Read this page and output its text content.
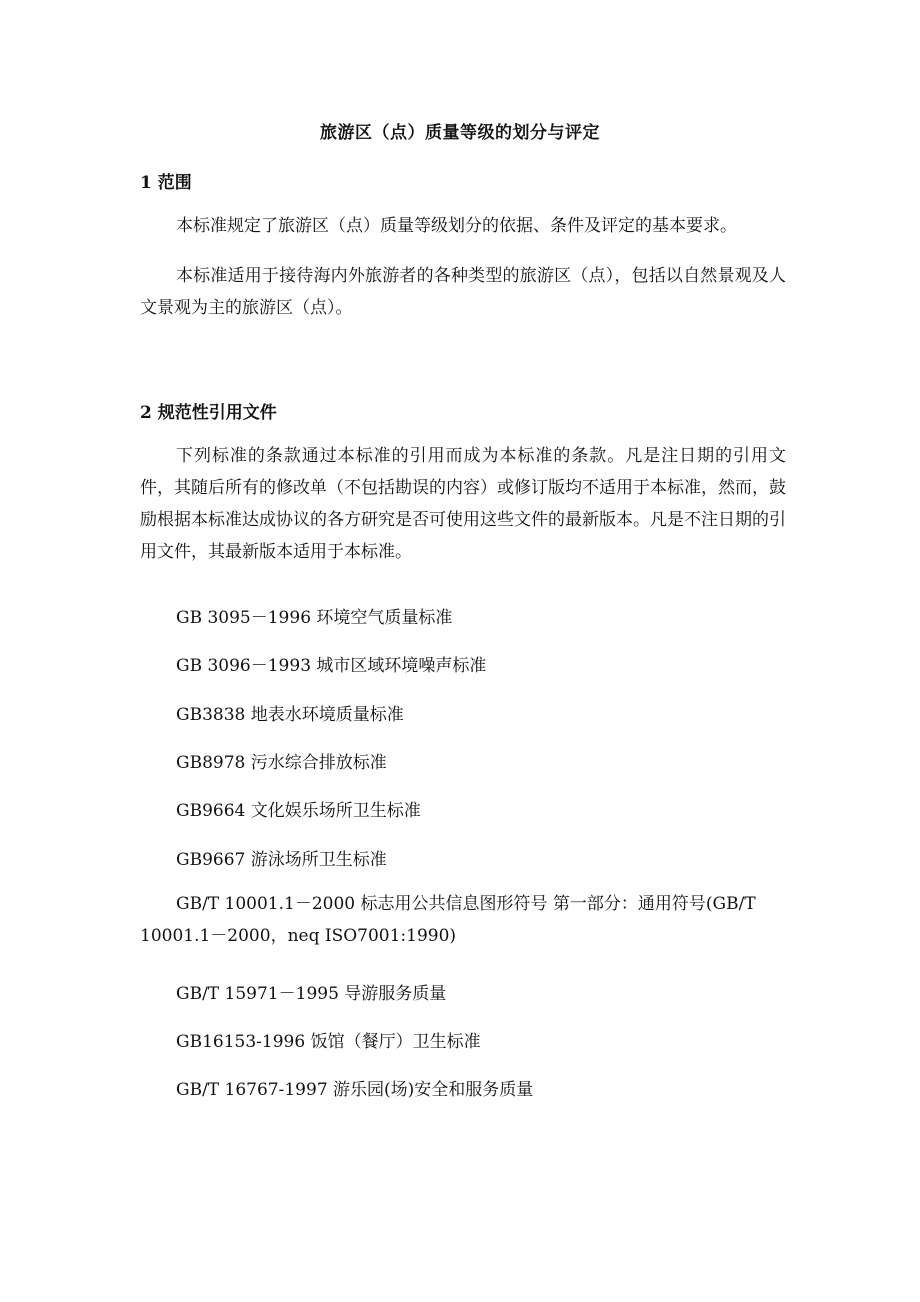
旅游区（点）质量等级的划分与评定
1 范围
本标准规定了旅游区（点）质量等级划分的依据、条件及评定的基本要求。
本标准适用于接待海内外旅游者的各种类型的旅游区（点），包括以自然景观及人文景观为主的旅游区（点）。
2 规范性引用文件
下列标准的条款通过本标准的引用而成为本标准的条款。凡是注日期的引用文件，其随后所有的修改单（不包括勘误的内容）或修订版均不适用于本标准，然而，鼓励根据本标准达成协议的各方研究是否可使用这些文件的最新版本。凡是不注日期的引用文件，其最新版本适用于本标准。
GB 3095－1996 环境空气质量标准
GB 3096－1993 城市区域环境噪声标准
GB3838 地表水环境质量标准
GB8978 污水综合排放标准
GB9664 文化娱乐场所卫生标准
GB9667 游泳场所卫生标准
GB/T 10001.1－2000 标志用公共信息图形符号 第一部分：通用符号(GB/T 10001.1－2000，neq ISO7001:1990)
GB/T 15971－1995 导游服务质量
GB16153-1996 饭馆（餐厅）卫生标准
GB/T 16767-1997 游乐园(场)安全和服务质量
